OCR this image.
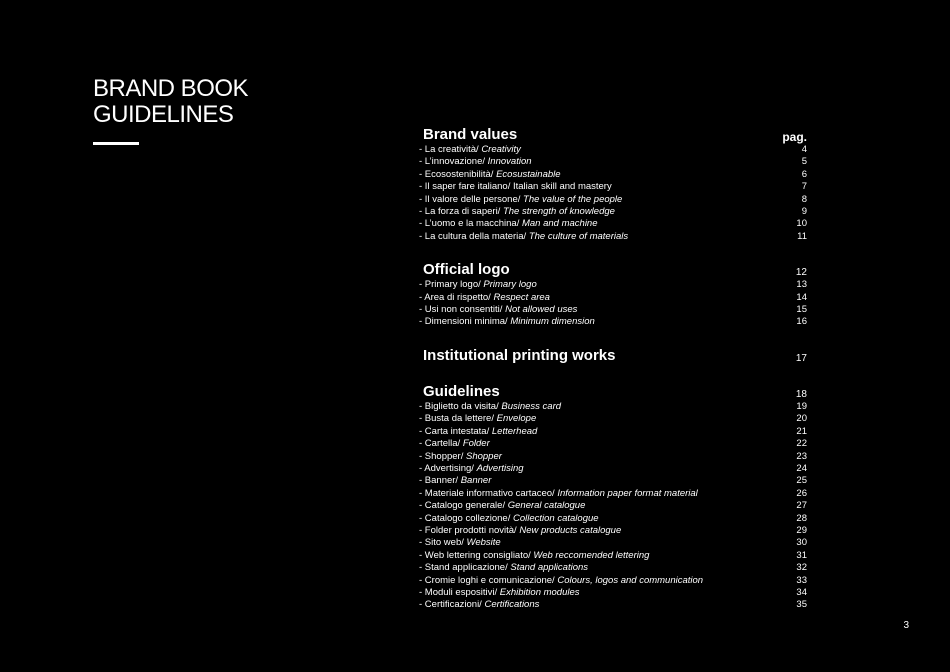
BRAND BOOK
GUIDELINES
Brand values	pag.
- La creatività/ Creativity	4
- L’innovazione/ Innovation	5
- Ecosostenibilità/ Ecosustainable	6
- Il saper fare italiano/ Italian skill and mastery	7
- Il valore delle persone/ The value of the people	8
- La forza di saperi/ The strength of knowledge	9
- L’uomo e la macchina/ Man and machine	10
- La cultura della materia/ The culture of materials	11
Official logo	12
- Primary logo/ Primary logo	13
- Area di rispetto/ Respect area	14
- Usi non consentiti/ Not allowed uses	15
- Dimensioni minima/ Minimum dimension	16
Institutional printing works	17
Guidelines	18
- Biglietto da visita/ Business card	19
- Busta da lettere/ Envelope	20
- Carta intestata/ Letterhead	21
- Cartella/ Folder	22
- Shopper/ Shopper	23
- Advertising/ Advertising	24
- Banner/ Banner	25
- Materiale informativo cartaceo/ Information paper format material	26
- Catalogo generale/ General catalogue	27
- Catalogo collezione/ Collection catalogue	28
- Folder prodotti novità/ New products catalogue	29
- Sito web/ Website	30
- Web lettering consigliato/ Web reccomended lettering	31
- Stand applicazione/ Stand applications	32
- Cromie loghi e comunicazione/ Colours, logos and communication	33
- Moduli espositivi/ Exhibition modules	34
- Certificazioni/ Certifications	35
3
